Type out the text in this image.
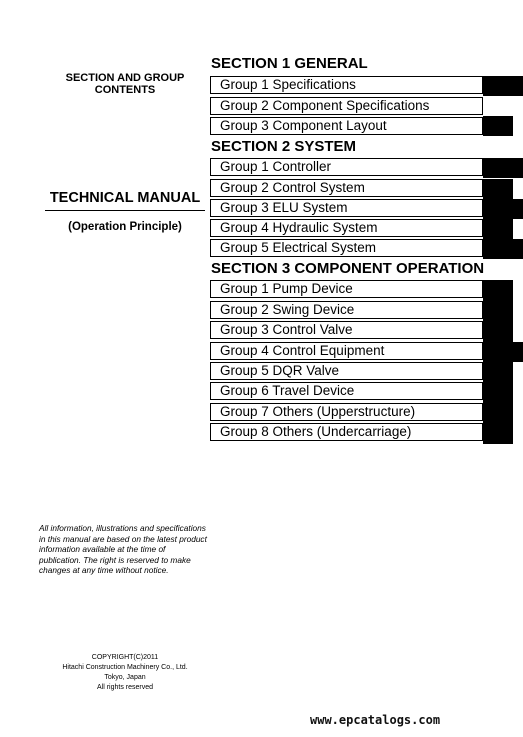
SECTION AND GROUP
CONTENTS
TECHNICAL MANUAL
(Operation Principle)
All information, illustrations and specifications in this manual are based on the latest product information available at the time of publication. The right is reserved to make changes at any time without notice.
COPYRIGHT(C)2011
Hitachi Construction Machinery Co., Ltd.
Tokyo, Japan
All rights reserved
SECTION 1 GENERAL
Group 1 Specifications
Group 2 Component Specifications
Group 3 Component Layout
SECTION 2 SYSTEM
Group 1 Controller
Group 2 Control System
Group 3 ELU System
Group 4 Hydraulic System
Group 5 Electrical System
SECTION 3 COMPONENT OPERATION
Group 1 Pump Device
Group 2 Swing Device
Group 3 Control Valve
Group 4 Control Equipment
Group 5 DQR Valve
Group 6 Travel Device
Group 7 Others (Upperstructure)
Group 8 Others (Undercarriage)
www.epcatalogs.com
